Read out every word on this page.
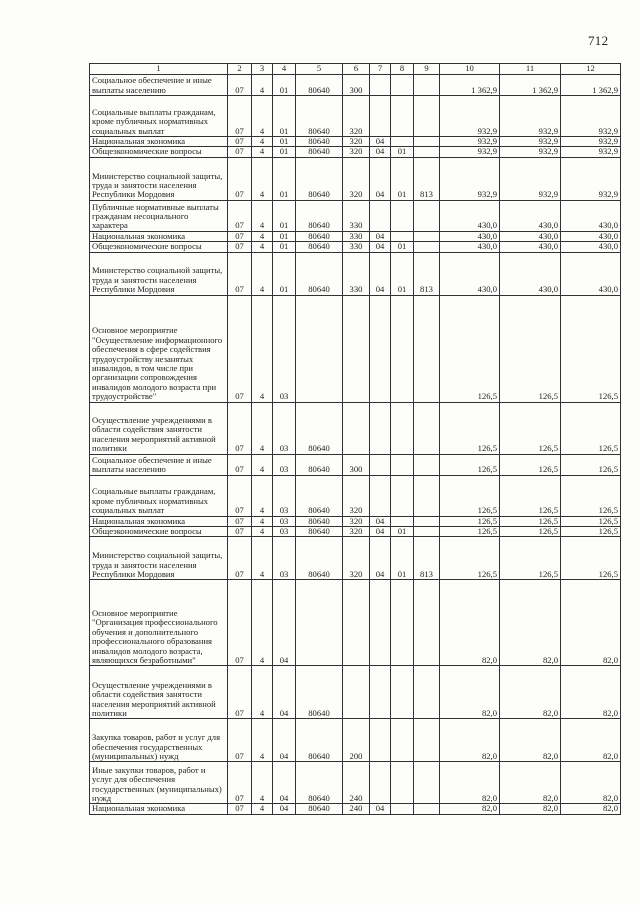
712
1	2	3	4	5	6	7	8	9	10	11	12

Социальное обеспечение и иные выплаты населению	07	4	01	80640	300				1 362,9	1 362,9	1 362,9

Социальные выплаты гражданам, кроме публичных нормативных социальных выплат	07	4	01	80640	320				932,9	932,9	932,9

Национальная экономика	07	4	01	80640	320	04			932,9	932,9	932,9

Общеэкономические вопросы	07	4	01	80640	320	04	01		932,9	932,9	932,9

Министерство социальной защиты, труда и занятости населения Республики Мордовия	07	4	01	80640	320	04	01	813	932,9	932,9	932,9

Публичные нормативные выплаты гражданам несоциального характера	07	4	01	80640	330				430,0	430,0	430,0

Национальная экономика	07	4	01	80640	330	04			430,0	430,0	430,0

Общеэкономические вопросы	07	4	01	80640	330	04	01		430,0	430,0	430,0

Министерство социальной защиты, труда и занятости населения Республики Мордовия	07	4	01	80640	330	04	01	813	430,0	430,0	430,0

Основное мероприятие "Осуществление информационного обеспечения в сфере содействия трудоустройству незанятых инвалидов, в том числе при организации сопровождения инвалидов молодого возраста при трудоустройстве"	07	4	03						126,5	126,5	126,5

Осуществление учреждениями в области содействия занятости населения мероприятий активной политики	07	4	03	80640					126,5	126,5	126,5

Социальное обеспечение и иные выплаты населению	07	4	03	80640	300				126,5	126,5	126,5

Социальные выплаты гражданам, кроме публичных нормативных социальных выплат	07	4	03	80640	320				126,5	126,5	126,5

Национальная экономика	07	4	03	80640	320	04			126,5	126,5	126,5

Общеэкономические вопросы	07	4	03	80640	320	04	01		126,5	126,5	126,5

Министерство социальной защиты, труда и занятости населения Республики Мордовия	07	4	03	80640	320	04	01	813	126,5	126,5	126,5

Основное мероприятие "Организация профессионального обучения и дополнительного профессионального образования инвалидов молодого возраста, являющихся безработными"	07	4	04						82,0	82,0	82,0

Осуществление учреждениями в области содействия занятости населения мероприятий активной политики	07	4	04	80640					82,0	82,0	82,0

Закупка товаров, работ и услуг для обеспечения государственных (муниципальных) нужд	07	4	04	80640	200				82,0	82,0	82,0

Иные закупки товаров, работ и услуг для обеспечения государственных (муниципальных) нужд	07	4	04	80640	240				82,0	82,0	82,0

Национальная экономика	07	4	04	80640	240	04			82,0	82,0	82,0
